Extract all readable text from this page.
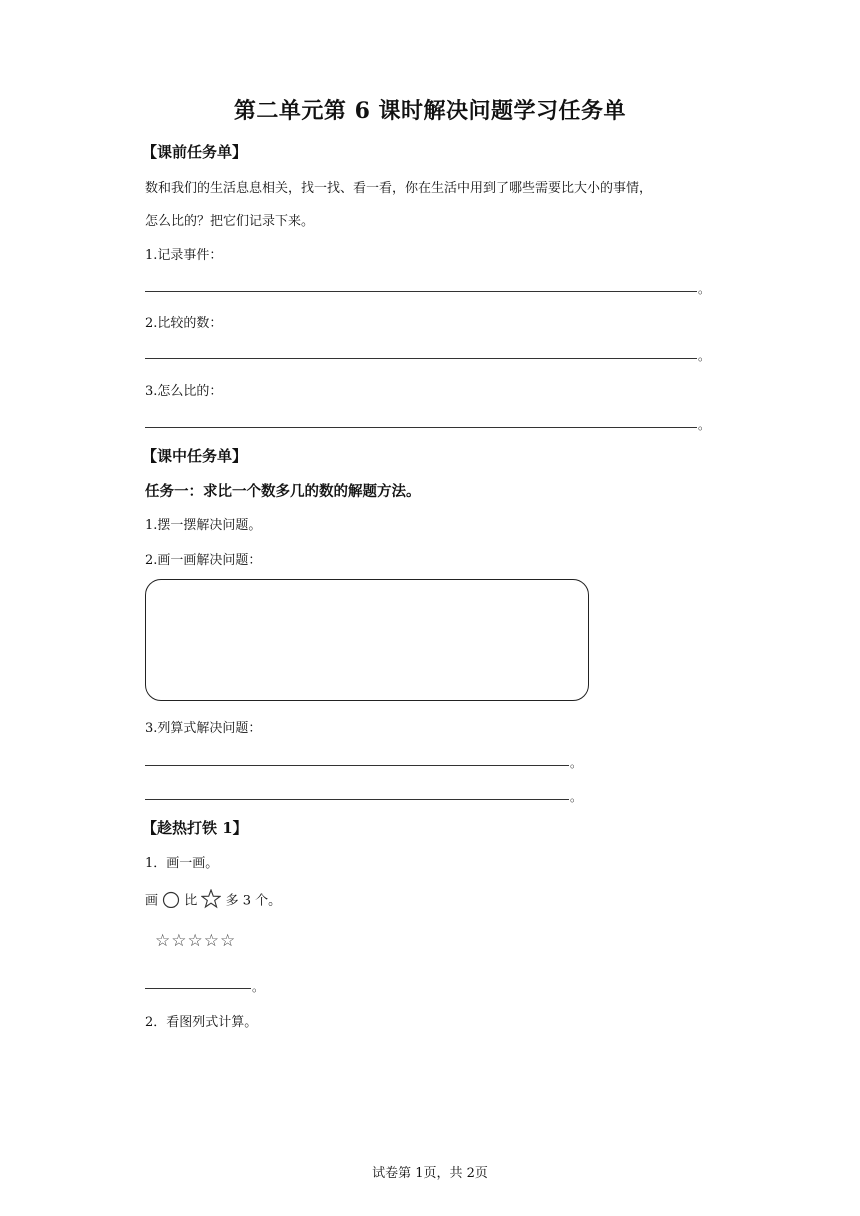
第二单元第 6 课时解决问题学习任务单
【课前任务单】
数和我们的生活息息相关，找一找、看一看，你在生活中用到了哪些需要比大小的事情，
怎么比的？把它们记录下来。
1.记录事件：
。
2.比较的数：
。
3.怎么比的：
。
【课中任务单】
任务一：求比一个数多几的数的解题方法。
1.摆一摆解决问题。
2.画一画解决问题：
3.列算式解决问题：
。
。
【趁热打铁 1】
1．画一画。
画 比 多 3 个。
☆☆☆☆☆
。
2．看图列式计算。
试卷第 1页，共 2页
